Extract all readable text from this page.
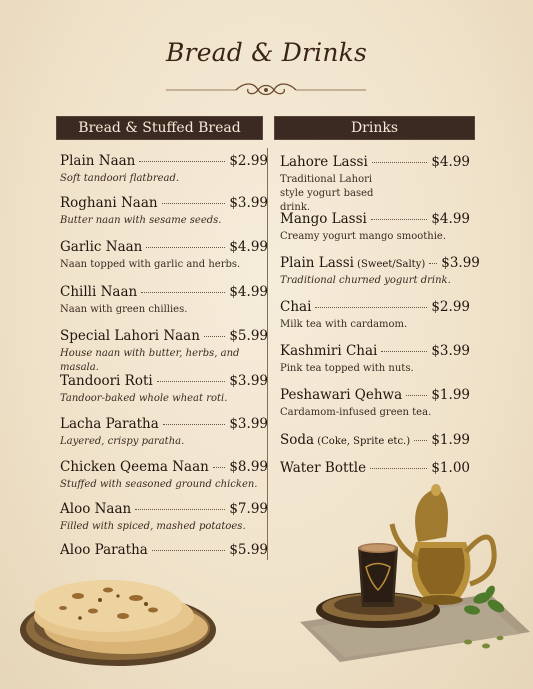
Bread & Drinks
Bread & Stuffed Bread	Drinks
Plain Naan	$2.99
Soft tandoori flatbread.
Roghani Naan	$3.99
Butter naan with sesame seeds.
Garlic Naan	$4.99
Naan topped with garlic and herbs.
Chilli Naan	$4.99
Naan with green chillies.
Special Lahori Naan $5.99
House naan with butter, herbs, and masala.
Tandoori Roti	$3.99
Tandoor-baked whole wheat roti.
Lacha Paratha	$3.99
Layered, crispy paratha.
Chicken Qeema Naan $8.99
Stuffed with seasoned ground chicken.
Aloo Naan	$7.99
Filled with spiced, mashed potatoes.
Aloo Paratha	$5.99
Lahore Lassi	$4.99
Traditional Lahori style yogurt based drink.
Mango Lassi	$4.99
Creamy yogurt mango smoothie.
Plain Lassi (Sweet/Salty) $3.99
Traditional churned yogurt drink.
Chai	$2.99
Milk tea with cardamom.
Kashmiri Chai	$3.99
Pink tea topped with nuts.
Peshawari Qehwa $1.99
Cardamom-infused green tea.
Soda (Coke, Sprite etc.) $1.99
Water Bottle	$1.00
